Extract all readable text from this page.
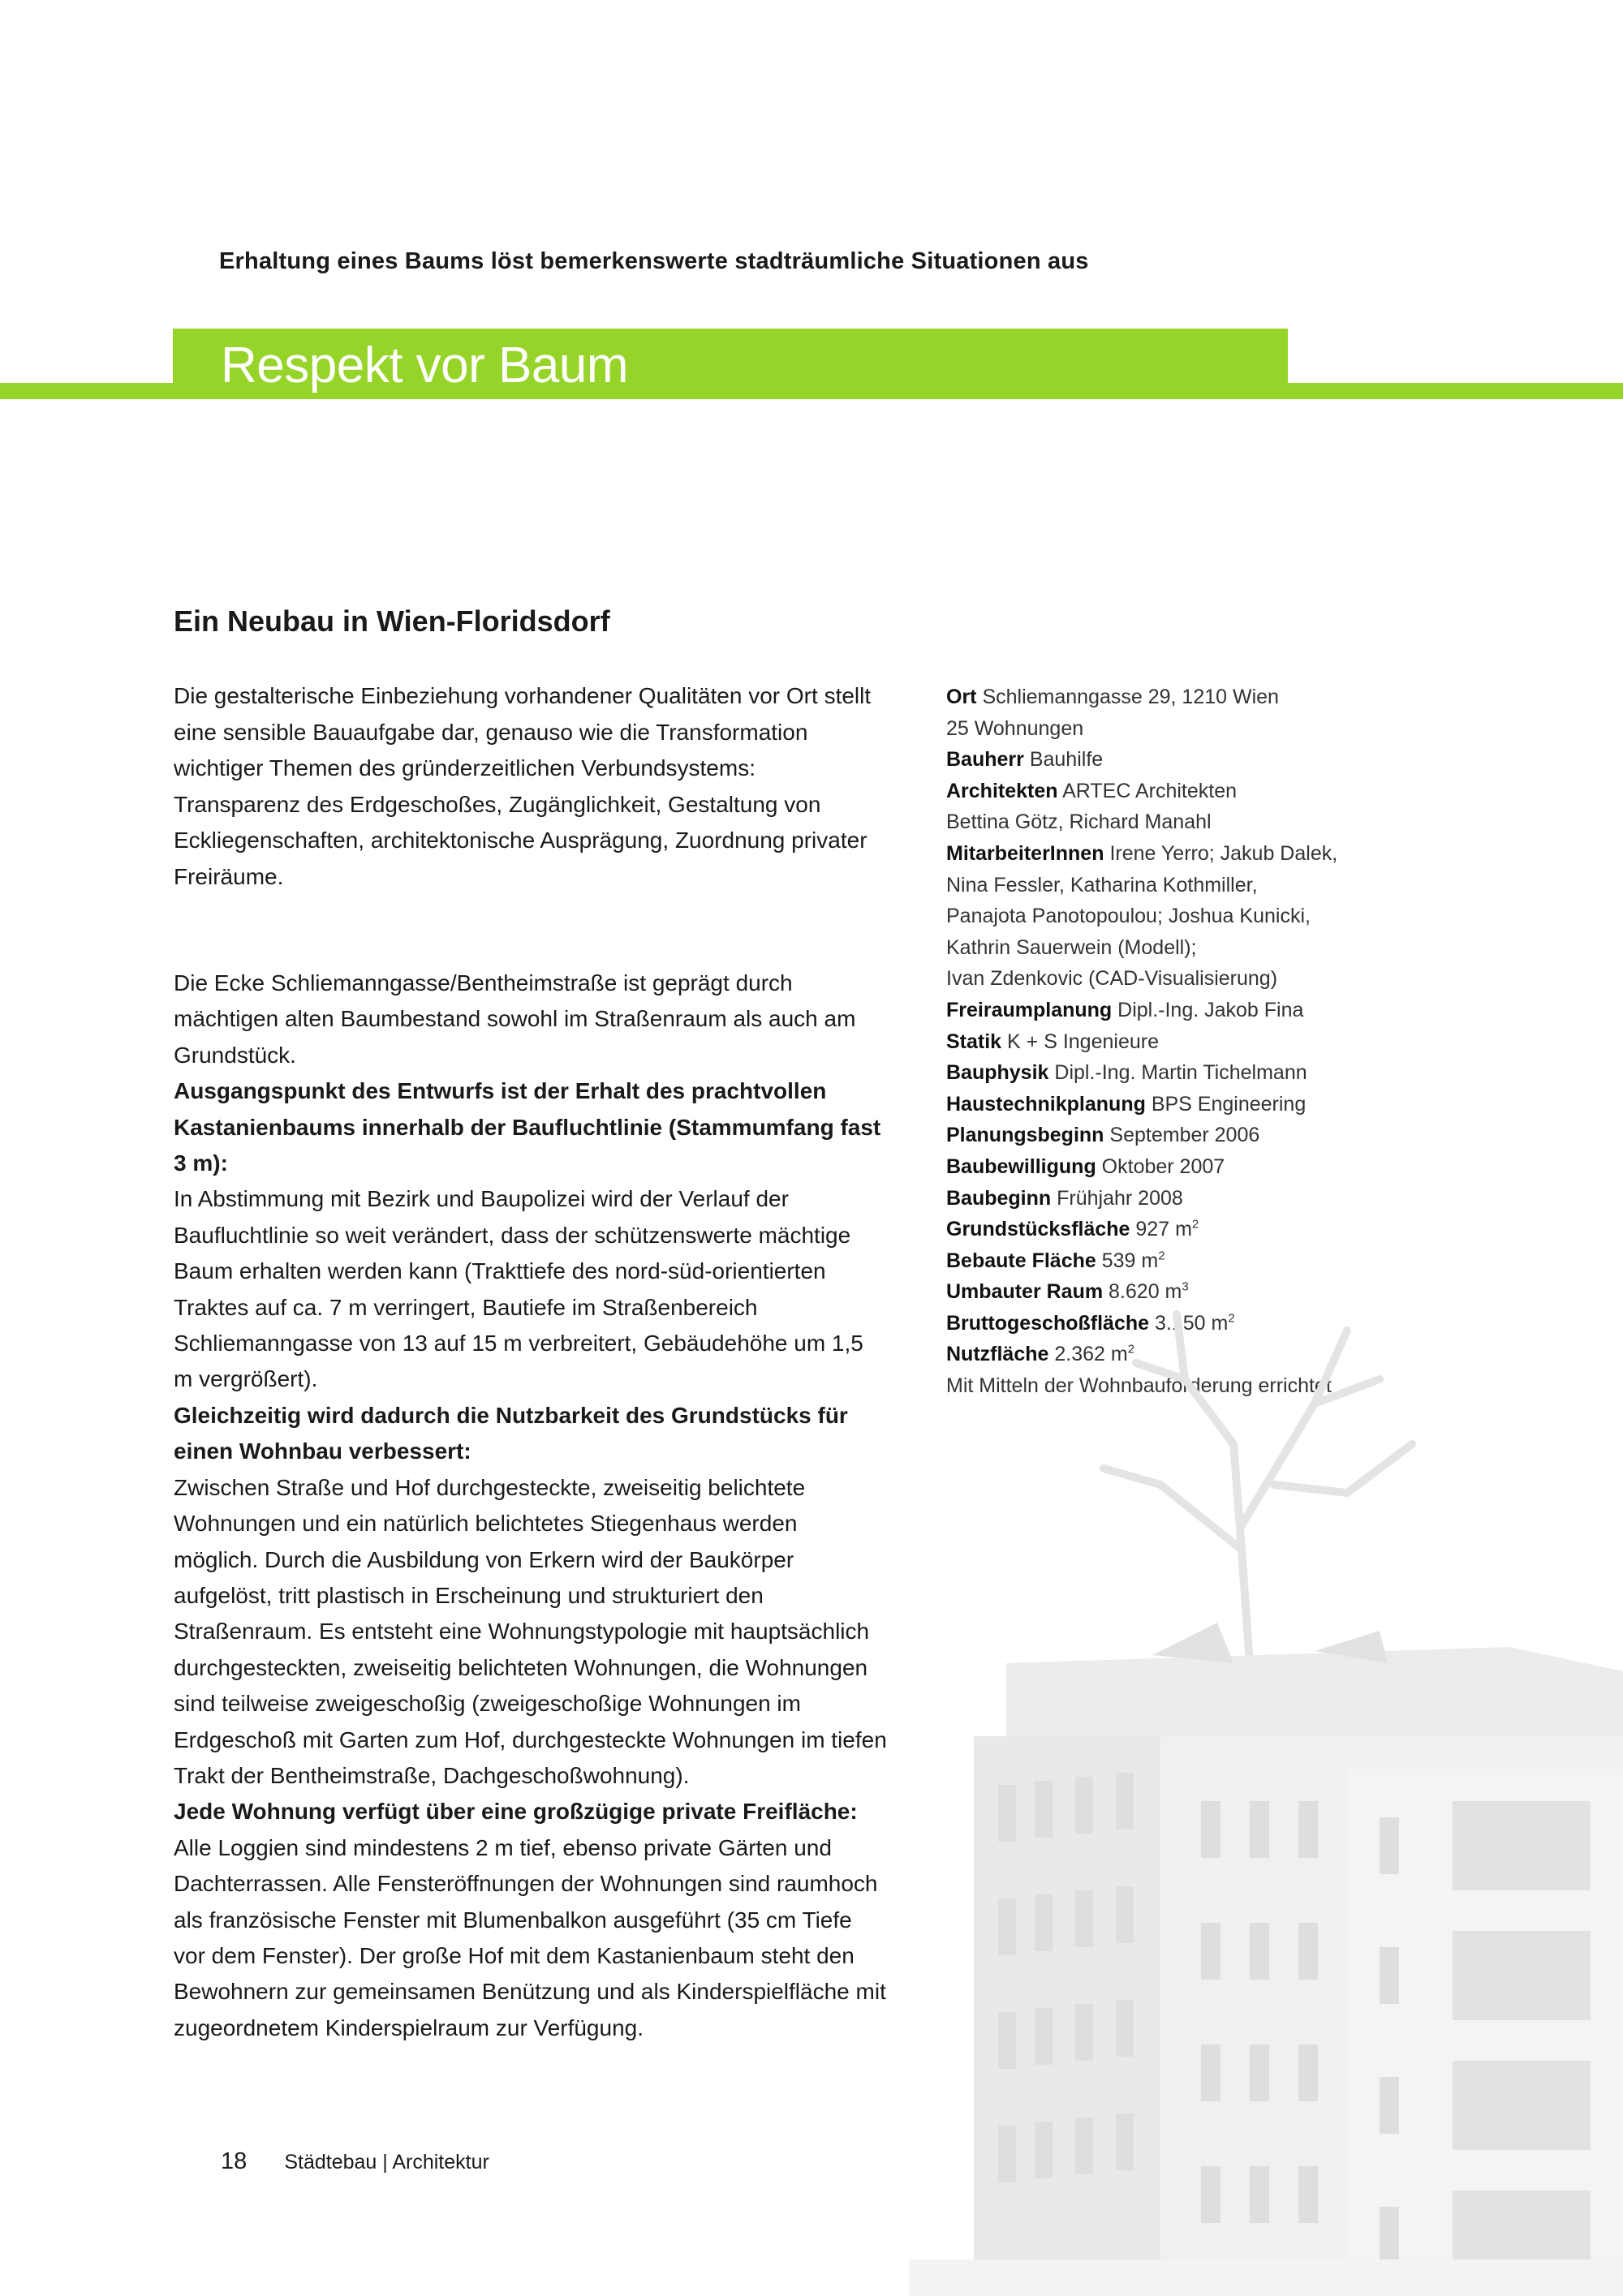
Erhaltung eines Baums löst bemerkenswerte stadträumliche Situationen aus
Respekt vor Baum
Ein Neubau in Wien-Floridsdorf

Die gestalterische Einbeziehung vorhandener Qualitäten vor Ort stellt eine sensible Bauaufgabe dar, genauso wie die Transformation wichtiger Themen des gründerzeitlichen Verbundsystems: Transparenz des Erdgeschoßes, Zugänglichkeit, Gestaltung von Eckliegenschaften, architektonische Ausprägung, Zuordnung privater Freiräume.

Die Ecke Schliemanngasse/Bentheimstraße ist geprägt durch mächtigen alten Baumbestand sowohl im Straßenraum als auch am Grundstück.
Ausgangspunkt des Entwurfs ist der Erhalt des prachtvollen Kastanienbaums innerhalb der Baufluchtlinie (Stammumfang fast 3 m):
In Abstimmung mit Bezirk und Baupolizei wird der Verlauf der Baufluchtlinie so weit verändert, dass der schützenswerte mächtige Baum erhalten werden kann (Trakttiefe des nord-süd-orientierten Traktes auf ca. 7 m verringert, Bautiefe im Straßenbereich Schliemanngasse von 13 auf 15 m verbreitert, Gebäudehöhe um 1,5 m vergrößert).
Gleichzeitig wird dadurch die Nutzbarkeit des Grundstücks für einen Wohnbau verbessert:
Zwischen Straße und Hof durchgesteckte, zweiseitig belichtete Wohnungen und ein natürlich belichtetes Stiegenhaus werden möglich. Durch die Ausbildung von Erkern wird der Baukörper aufgelöst, tritt plastisch in Erscheinung und strukturiert den Straßenraum. Es entsteht eine Wohnungstypologie mit hauptsächlich durchgesteckten, zweiseitig belichteten Wohnungen, die Wohnungen sind teilweise zweigeschoßig (zweigeschoßige Wohnungen im Erdgeschoß mit Garten zum Hof, durchgesteckte Wohnungen im tiefen Trakt der Bentheimstraße, Dachgeschoßwohnung).
Jede Wohnung verfügt über eine großzügige private Freifläche:
Alle Loggien sind mindestens 2 m tief, ebenso private Gärten und Dachterrassen. Alle Fensteröffnungen der Wohnungen sind raumhoch als französische Fenster mit Blumenbalkon ausgeführt (35 cm Tiefe vor dem Fenster). Der große Hof mit dem Kastanienbaum steht den Bewohnern zur gemeinsamen Benützung und als Kinderspielfläche mit zugeordnetem Kinderspielraum zur Verfügung.
Ort Schliemanngasse 29, 1210 Wien
25 Wohnungen
Bauherr Bauhilfe
Architekten ARTEC Architekten
Bettina Götz, Richard Manahl
MitarbeiterInnen Irene Yerro; Jakub Dalek,
Nina Fessler, Katharina Kothmiller,
Panajota Panotopoulou; Joshua Kunicki,
Kathrin Sauerwein (Modell);
Ivan Zdenkovic (CAD-Visualisierung)
Freiraumplanung Dipl.-Ing. Jakob Fina
Statik K + S Ingenieure
Bauphysik Dipl.-Ing. Martin Tichelmann
Haustechnikplanung BPS Engineering
Planungsbeginn September 2006
Baubewilligung Oktober 2007
Baubeginn Frühjahr 2008
Grundstücksfläche 927 $m^2$
Bebaute Fläche 539 $m^2$
Umbauter Raum 8.620 $m^3$
Bruttogeschoßfläche 3.150 $m^2$
Nutzfläche 2.362 $m^2$
Mit Mitteln der Wohnbauförderung errichtet
18 Städtebau | Architektur
